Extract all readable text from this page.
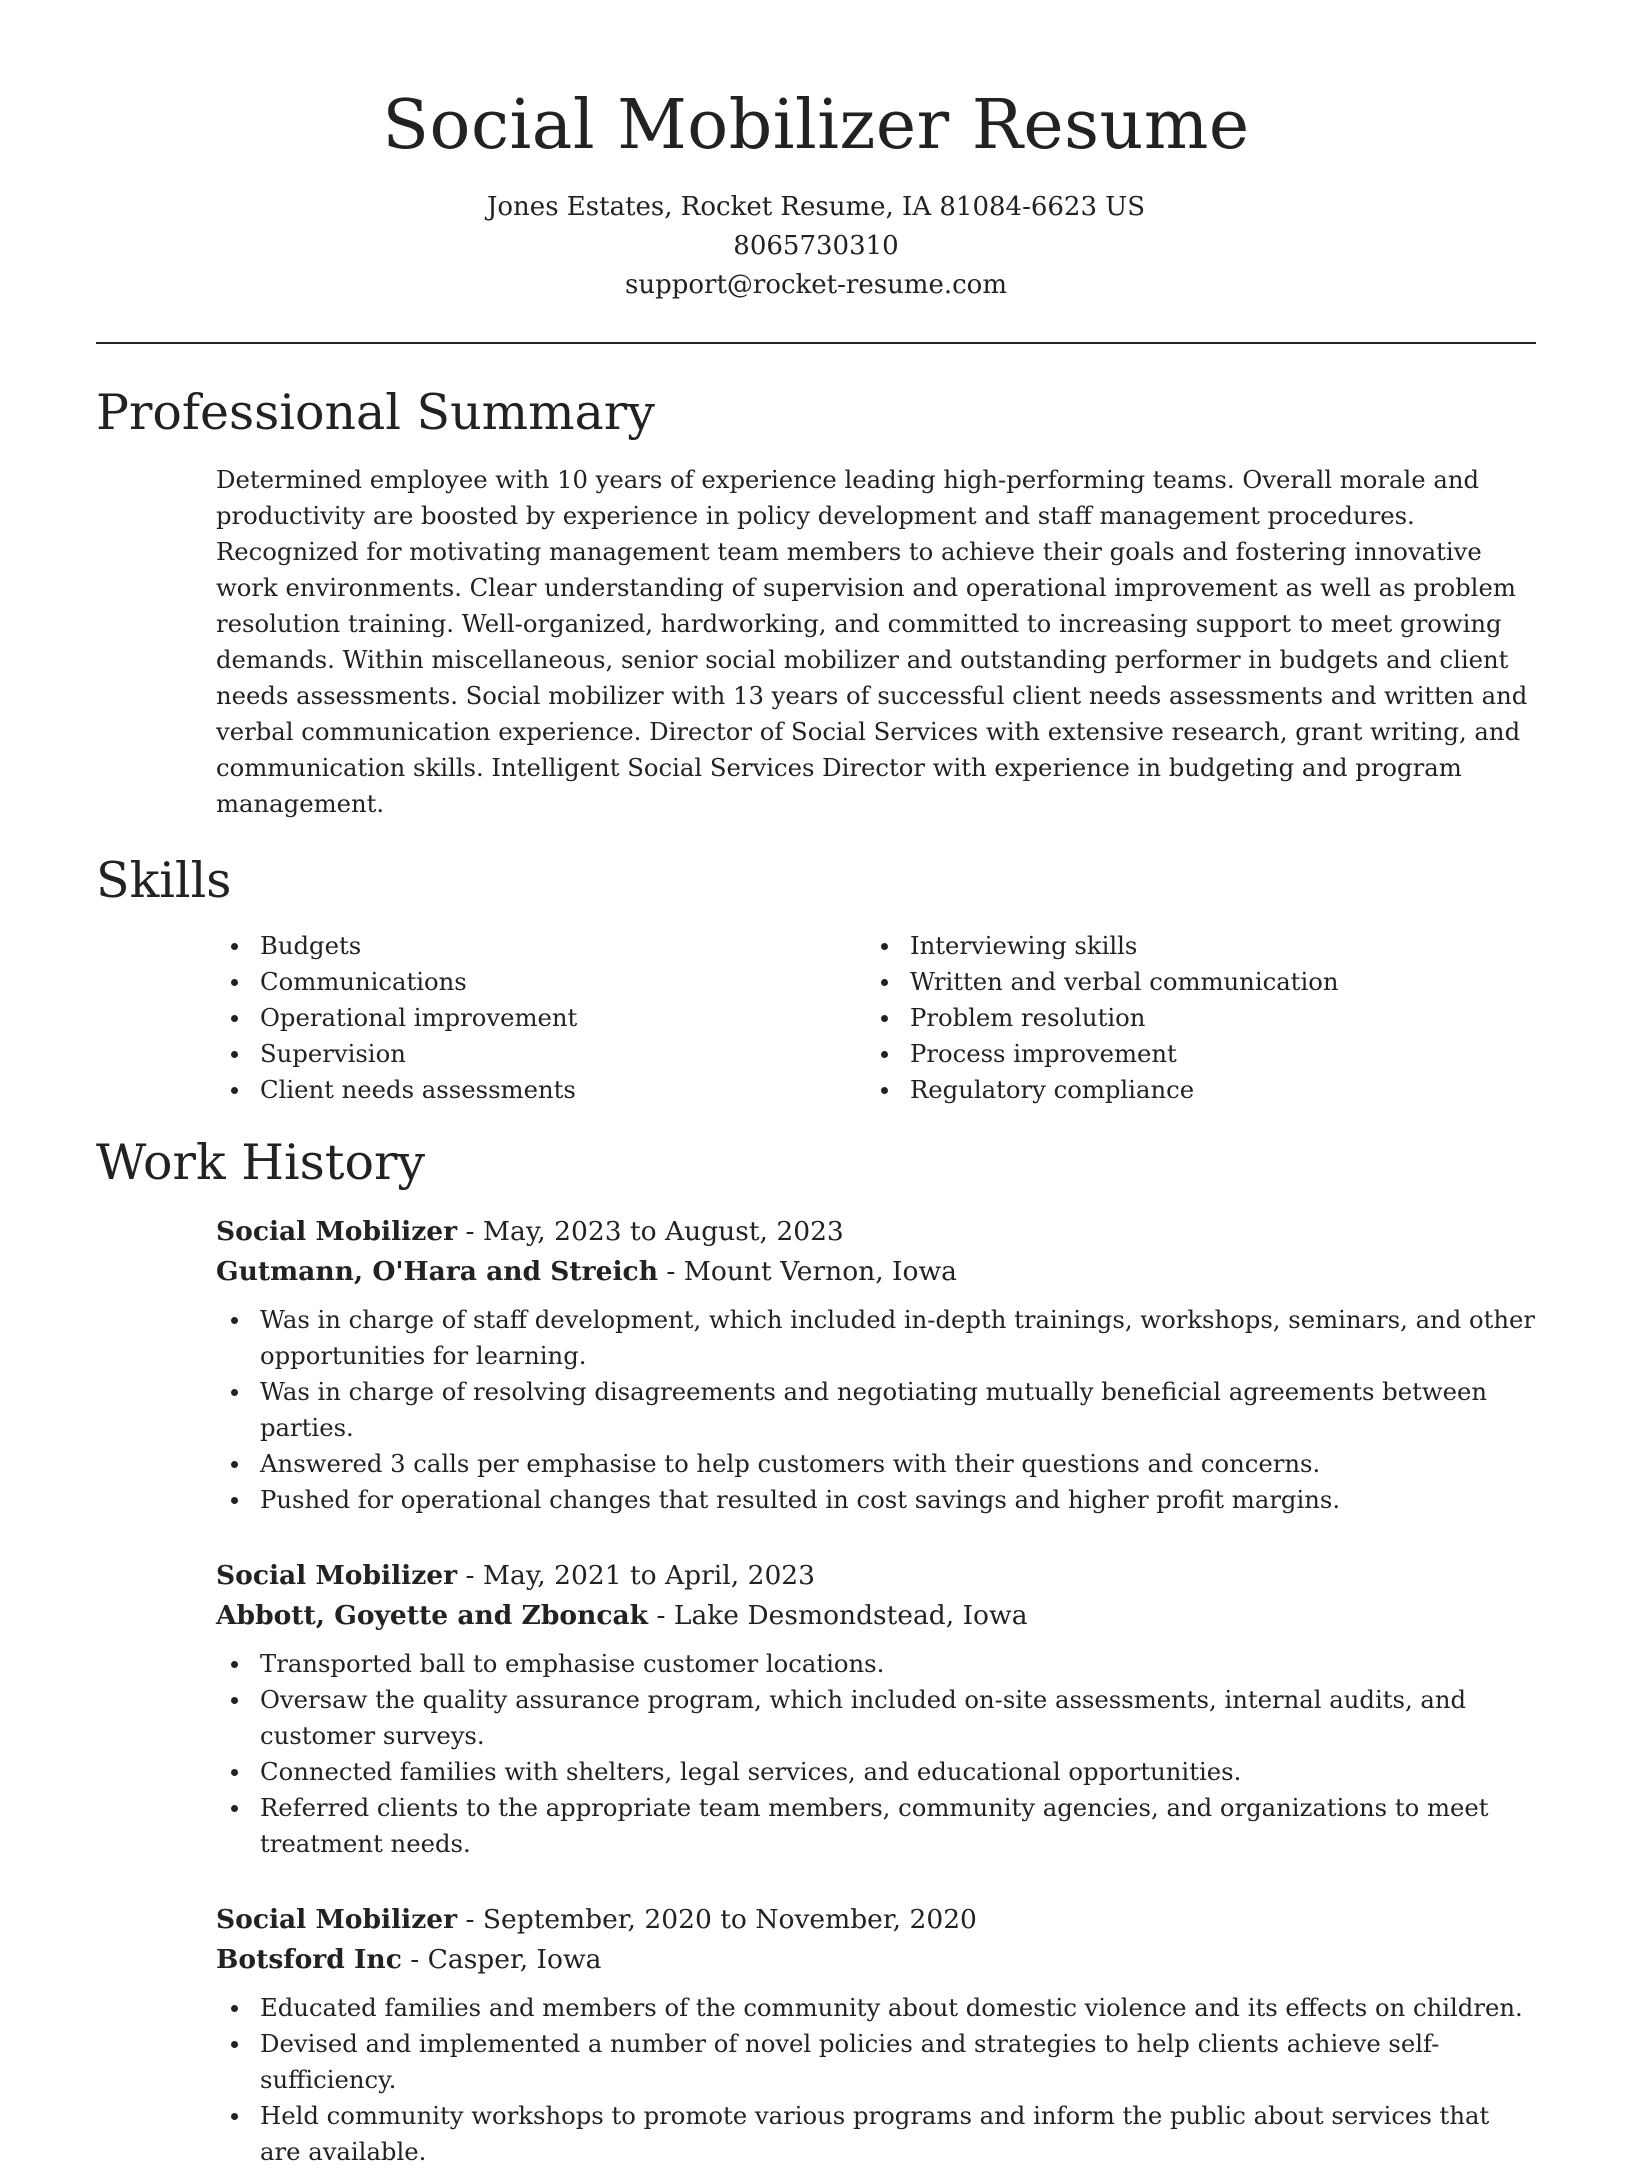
Social Mobilizer Resume

Jones Estates, Rocket Resume, IA 81084-6623 US

8065730310

support@rocket-resume.com

Professional Summary

Determined employee with 10 years of experience leading high-performing teams. Overall morale and productivity are boosted by experience in policy development and staff management procedures. Recognized for motivating management team members to achieve their goals and fostering innovative work environments. Clear understanding of supervision and operational improvement as well as problem resolution training. Well-organized, hardworking, and committed to increasing support to meet growing demands. Within miscellaneous, senior social mobilizer and outstanding performer in budgets and client needs assessments. Social mobilizer with 13 years of successful client needs assessments and written and verbal communication experience. Director of Social Services with extensive research, grant writing, and communication skills. Intelligent Social Services Director with experience in budgeting and program management.

Skills
Budgets
Communications
Operational improvement
Supervision
Client needs assessments
Interviewing skills
Written and verbal communication
Problem resolution
Process improvement
Regulatory compliance
Work History

Social Mobilizer - May, 2023 to August, 2023

Gutmann, O'Hara and Streich - Mount Vernon, Iowa

Was in charge of staff development, which included in-depth trainings, workshops, seminars, and other opportunities for learning.
Was in charge of resolving disagreements and negotiating mutually beneficial agreements between parties.
Answered 3 calls per emphasise to help customers with their questions and concerns.
Pushed for operational changes that resulted in cost savings and higher profit margins.

Social Mobilizer - May, 2021 to April, 2023

Abbott, Goyette and Zboncak - Lake Desmondstead, Iowa

Transported ball to emphasise customer locations.
Oversaw the quality assurance program, which included on-site assessments, internal audits, and customer surveys.
Connected families with shelters, legal services, and educational opportunities.
Referred clients to the appropriate team members, community agencies, and organizations to meet treatment needs.

Social Mobilizer - September, 2020 to November, 2020

Botsford Inc - Casper, Iowa

Educated families and members of the community about domestic violence and its effects on children.
Devised and implemented a number of novel policies and strategies to help clients achieve self-sufficiency.
Held community workshops to promote various programs and inform the public about services that are available.
